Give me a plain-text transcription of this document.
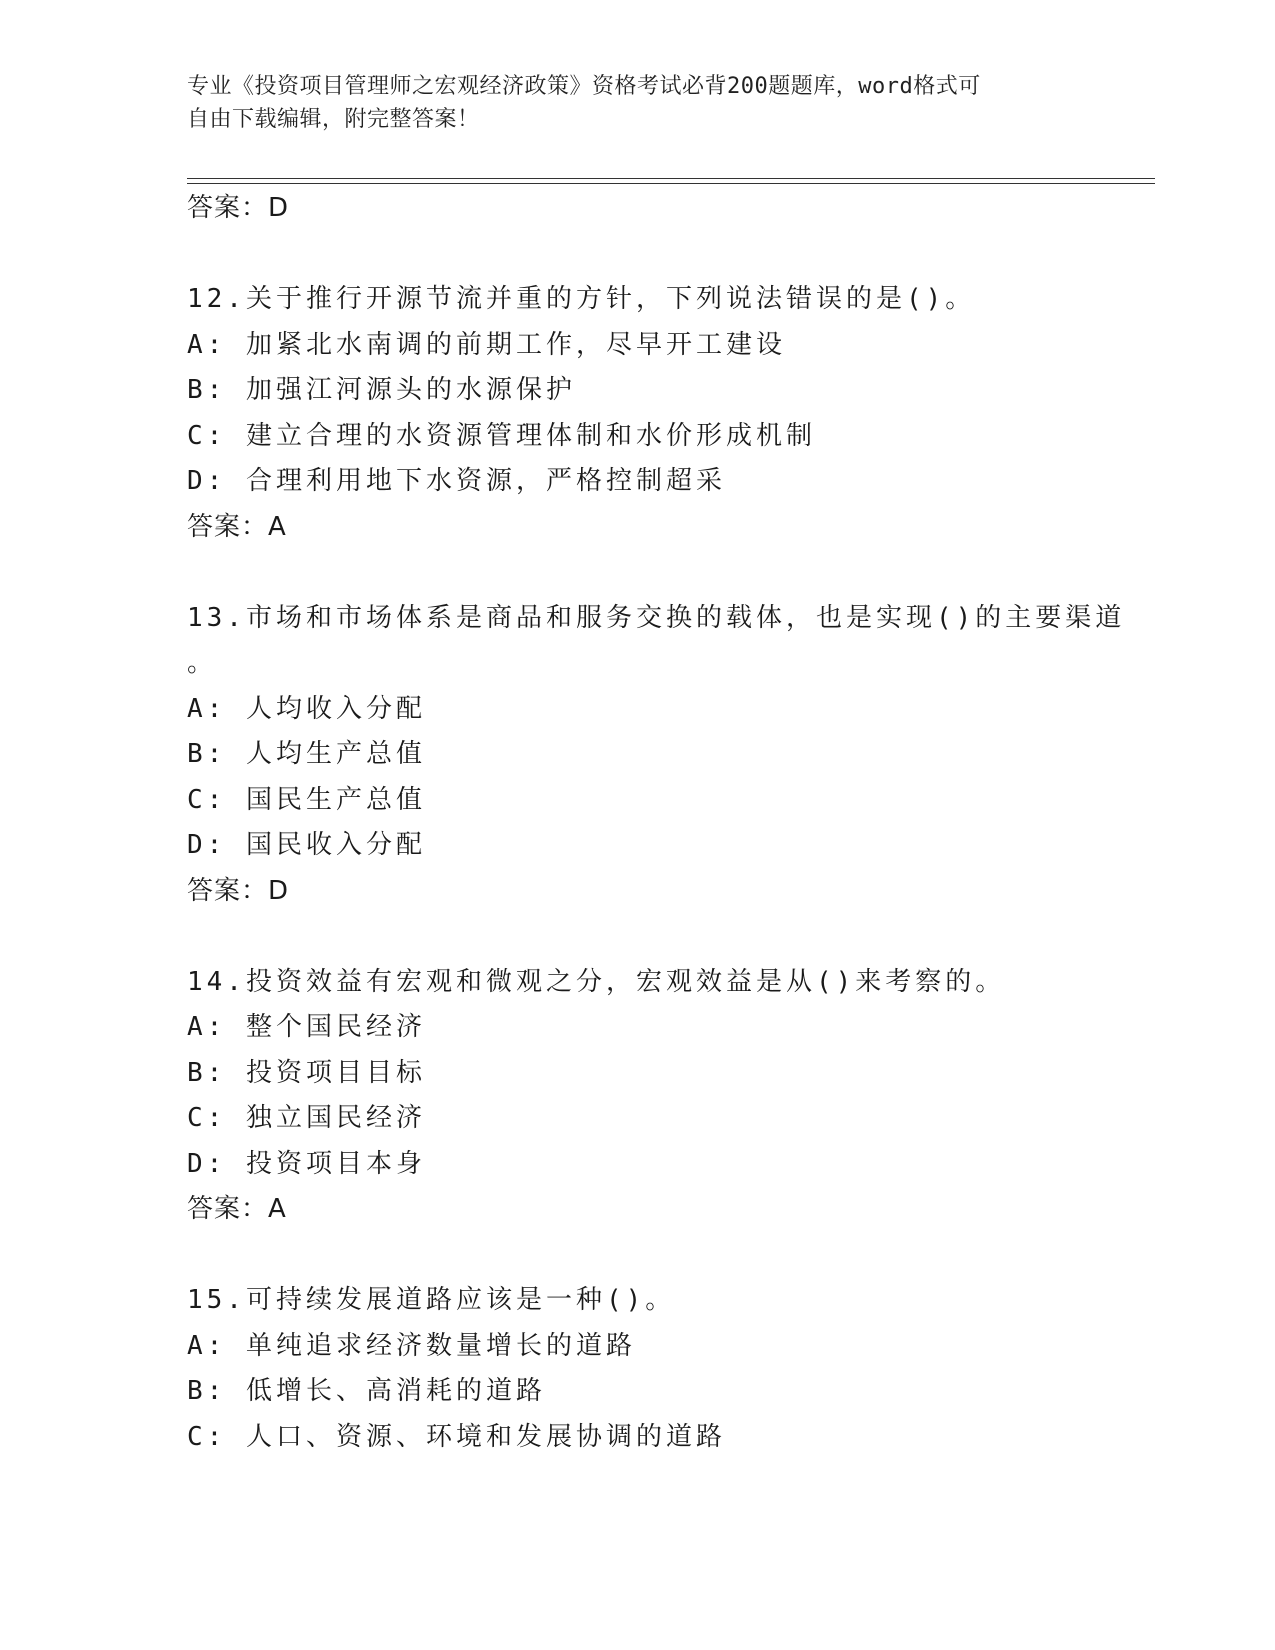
专业《投资项目管理师之宏观经济政策》资格考试必背200题题库，word格式可
自由下载编辑，附完整答案！
答案：D
12.关于推行开源节流并重的方针，下列说法错误的是()。
A: 加紧北水南调的前期工作，尽早开工建设
B: 加强江河源头的水源保护
C: 建立合理的水资源管理体制和水价形成机制
D: 合理利用地下水资源，严格控制超采
答案：A
13.市场和市场体系是商品和服务交换的载体，也是实现()的主要渠道
。
A: 人均收入分配
B: 人均生产总值
C: 国民生产总值
D: 国民收入分配
答案：D
14.投资效益有宏观和微观之分，宏观效益是从()来考察的。
A: 整个国民经济
B: 投资项目目标
C: 独立国民经济
D: 投资项目本身
答案：A
15.可持续发展道路应该是一种()。
A: 单纯追求经济数量增长的道路
B: 低增长、高消耗的道路
C: 人口、资源、环境和发展协调的道路
